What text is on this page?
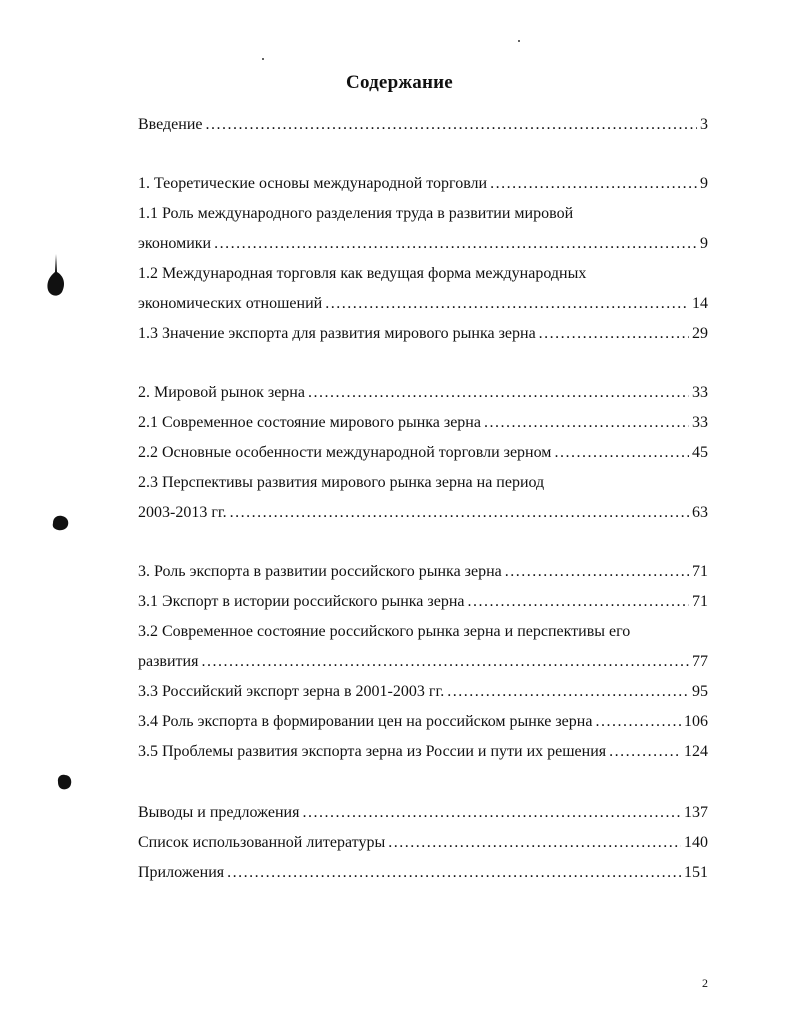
Содержание
Введение .....	3
1. Теоретические основы международной торговли .....	9
1.1 Роль международного разделения труда в развитии мировой
экономики .....	9
1.2 Международная торговля как ведущая форма международных
экономических отношений .....	14
1.3 Значение экспорта для развития мирового рынка зерна .....	29
2. Мировой рынок зерна .....	33
2.1 Современное состояние мирового рынка зерна .....	33
2.2 Основные особенности международной торговли зерном .....	45
2.3 Перспективы развития мирового рынка зерна на период
2003-2013 гг. .....	63
3. Роль экспорта в развитии российского рынка зерна .....	71
3.1 Экспорт в истории российского рынка зерна .....	71
3.2 Современное состояние российского рынка зерна и перспективы его
развития .....	77
3.3 Российский экспорт зерна в 2001-2003 гг. .....	95
3.4 Роль экспорта в формировании цен на российском рынке зерна .....	106
3.5 Проблемы развития экспорта зерна из России и пути их решения .....	124
Выводы и предложения .....	137
Список использованной литературы .....	140
Приложения .....	151
2
